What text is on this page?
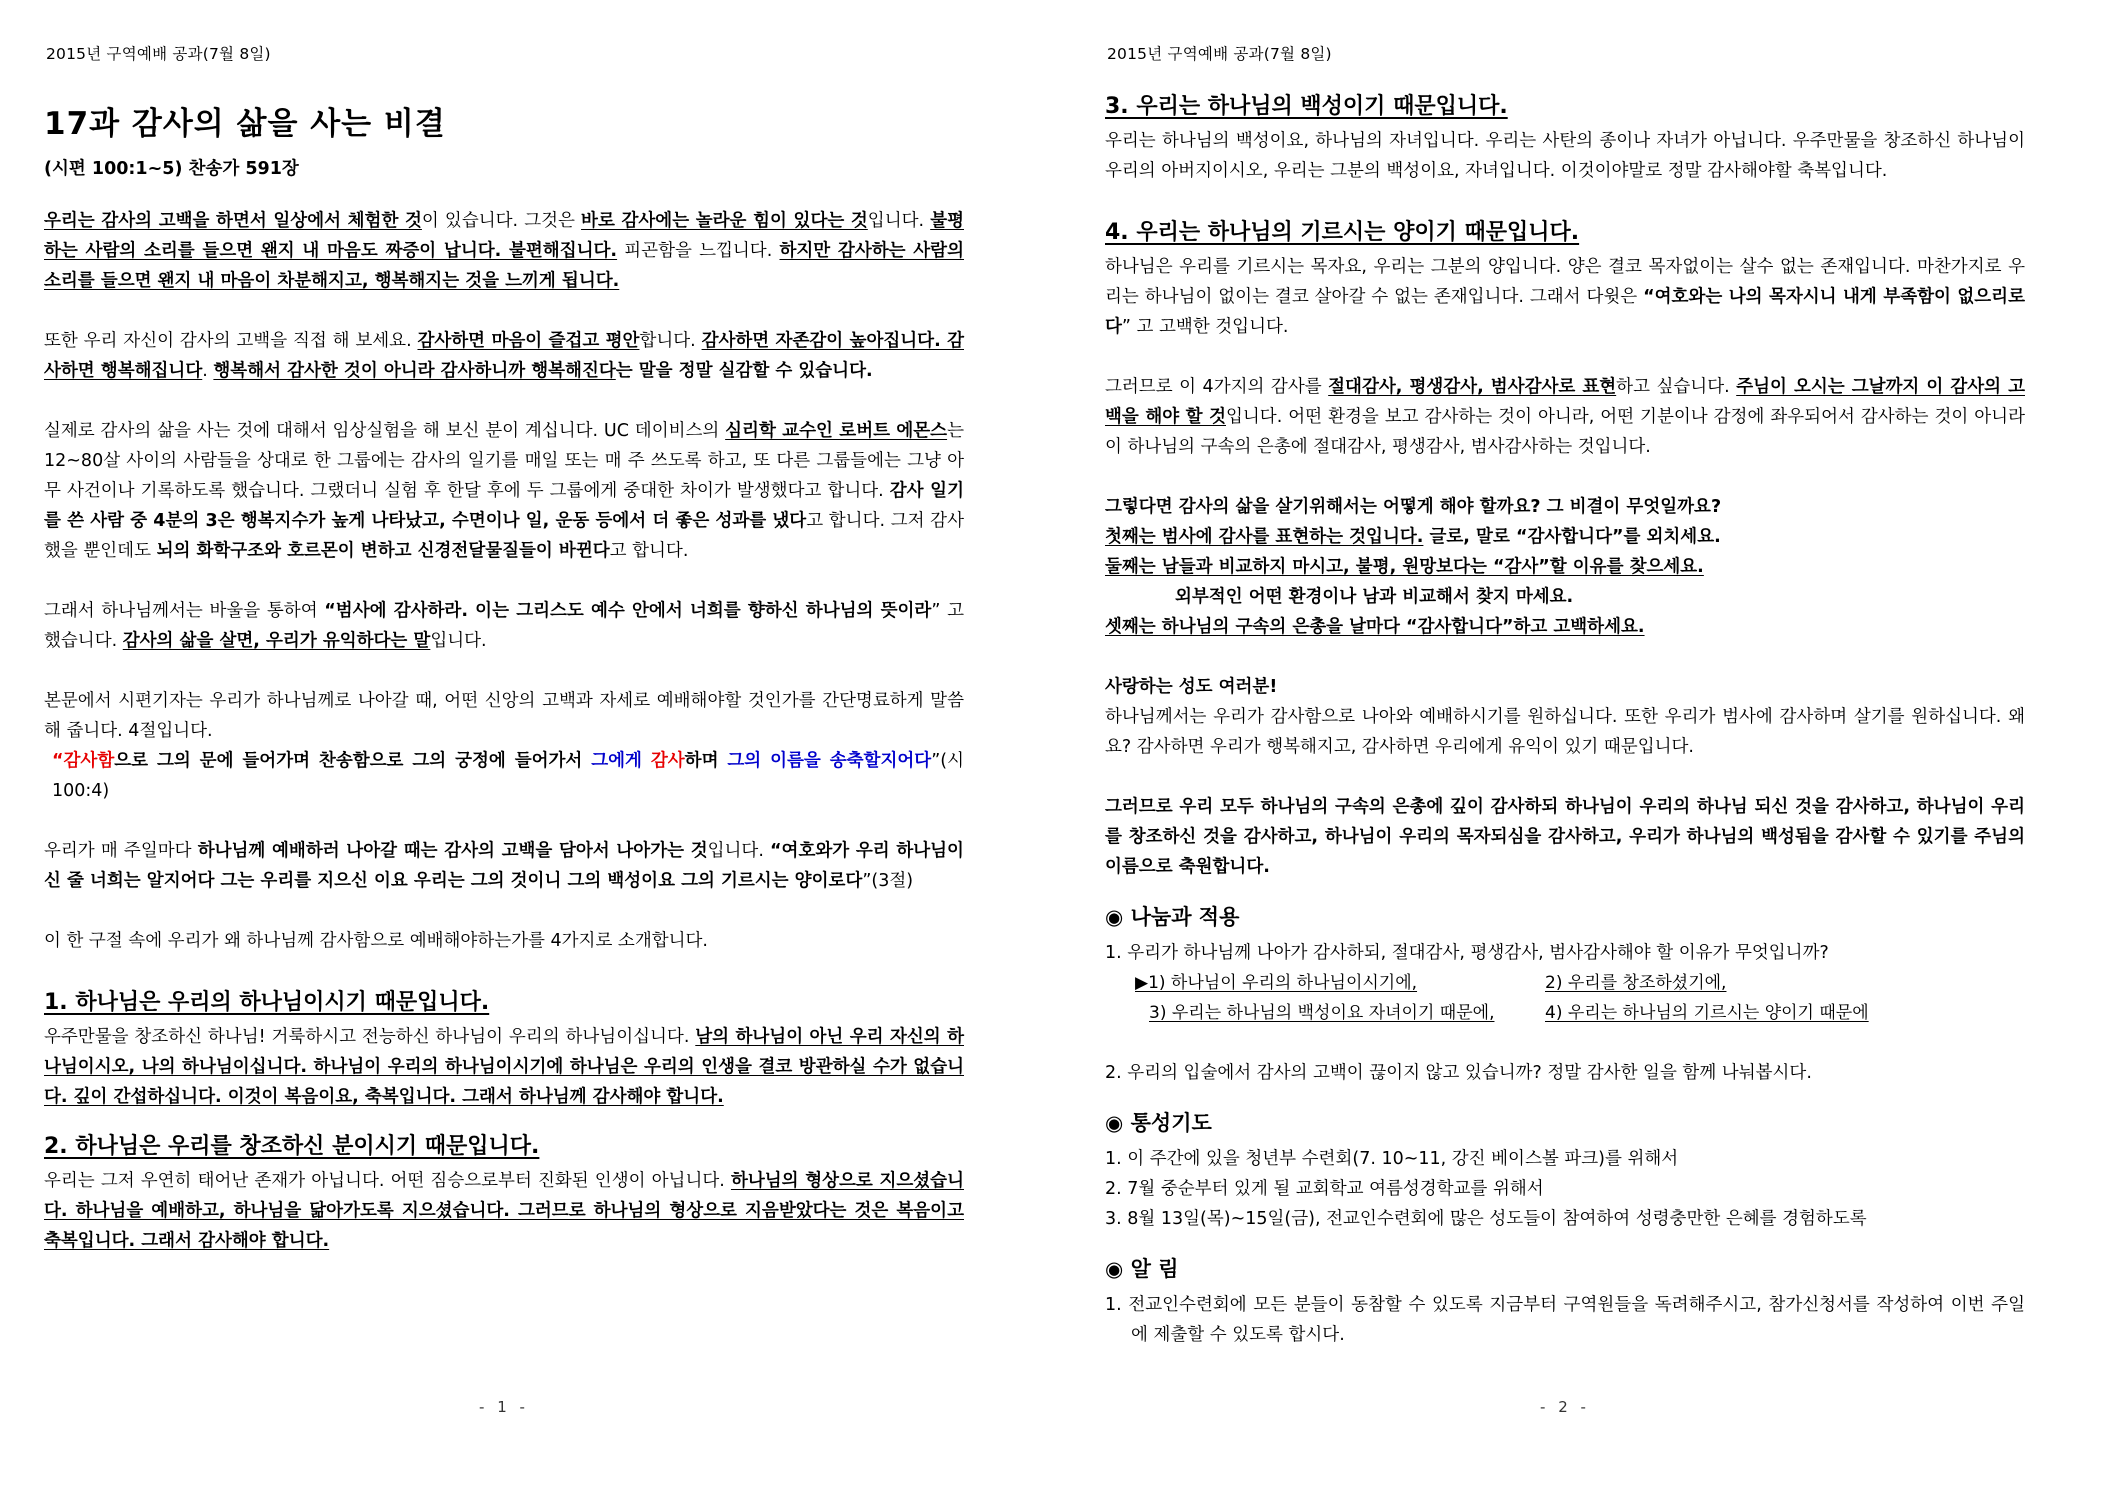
2015년 구역예배 공과(7월 8일)
17과 감사의 삶을 사는 비결
(시편 100:1~5) 찬송가 591장

우리는 감사의 고백을 하면서 일상에서 체험한 것이 있습니다. 그것은 바로 감사에는 놀라운 힘이 있다는 것입니다. 불평하는 사람의 소리를 들으면 왠지 내 마음도 짜증이 납니다. 불편해집니다. 피곤함을 느낍니다. 하지만 감사하는 사람의 소리를 들으면 왠지 내 마음이 차분해지고, 행복해지는 것을 느끼게 됩니다.

또한 우리 자신이 감사의 고백을 직접 해 보세요. 감사하면 마음이 즐겁고 평안합니다. 감사하면 자존감이 높아집니다. 감사하면 행복해집니다. 행복해서 감사한 것이 아니라 감사하니까 행복해진다는 말을 정말 실감할 수 있습니다.

실제로 감사의 삶을 사는 것에 대해서 임상실험을 해 보신 분이 계십니다. UC 데이비스의 심리학 교수인 로버트 에몬스는 12~80살 사이의 사람들을 상대로 한 그룹에는 감사의 일기를 매일 또는 매 주 쓰도록 하고, 또 다른 그룹들에는 그냥 아무 사건이나 기록하도록 했습니다. 그랬더니 실험 후 한달 후에 두 그룹에게 중대한 차이가 발생했다고 합니다. 감사 일기를 쓴 사람 중 4분의 3은 행복지수가 높게 나타났고, 수면이나 일, 운동 등에서 더 좋은 성과를 냈다고 합니다. 그저 감사했을 뿐인데도 뇌의 화학구조와 호르몬이 변하고 신경전달물질들이 바뀐다고 합니다.

그래서 하나님께서는 바울을 통하여 “범사에 감사하라. 이는 그리스도 예수 안에서 너희를 향하신 하나님의 뜻이라” 고 했습니다. 감사의 삶을 살면, 우리가 유익하다는 말입니다.

본문에서 시편기자는 우리가 하나님께로 나아갈 때, 어떤 신앙의 고백과 자세로 예배해야할 것인가를 간단명료하게 말씀해 줍니다. 4절입니다.

“감사함으로 그의 문에 들어가며 찬송함으로 그의 궁정에 들어가서 그에게 감사하며 그의 이름을 송축할지어다”(시100:4)

우리가 매 주일마다 하나님께 예배하러 나아갈 때는 감사의 고백을 담아서 나아가는 것입니다. “여호와가 우리 하나님이신 줄 너희는 알지어다 그는 우리를 지으신 이요 우리는 그의 것이니 그의 백성이요 그의 기르시는 양이로다”(3절)

이 한 구절 속에 우리가 왜 하나님께 감사함으로 예배해야하는가를 4가지로 소개합니다.

1. 하나님은 우리의 하나님이시기 때문입니다.

우주만물을 창조하신 하나님! 거룩하시고 전능하신 하나님이 우리의 하나님이십니다. 남의 하나님이 아닌 우리 자신의 하나님이시오, 나의 하나님이십니다. 하나님이 우리의 하나님이시기에 하나님은 우리의 인생을 결코 방관하실 수가 없습니다. 깊이 간섭하십니다. 이것이 복음이요, 축복입니다. 그래서 하나님께 감사해야 합니다.

2. 하나님은 우리를 창조하신 분이시기 때문입니다.

우리는 그저 우연히 태어난 존재가 아닙니다. 어떤 짐승으로부터 진화된 인생이 아닙니다. 하나님의 형상으로 지으셨습니다. 하나님을 예배하고, 하나님을 닮아가도록 지으셨습니다. 그러므로 하나님의 형상으로 지음받았다는 것은 복음이고 축복입니다. 그래서 감사해야 합니다.

- 1 -
2015년 구역예배 공과(7월 8일)
3. 우리는 하나님의 백성이기 때문입니다.

우리는 하나님의 백성이요, 하나님의 자녀입니다. 우리는 사탄의 종이나 자녀가 아닙니다. 우주만물을 창조하신 하나님이 우리의 아버지이시오, 우리는 그분의 백성이요, 자녀입니다. 이것이야말로 정말 감사해야할 축복입니다.

4. 우리는 하나님의 기르시는 양이기 때문입니다.

하나님은 우리를 기르시는 목자요, 우리는 그분의 양입니다. 양은 결코 목자없이는 살수 없는 존재입니다. 마찬가지로 우리는 하나님이 없이는 결코 살아갈 수 없는 존재입니다. 그래서 다윗은 “여호와는 나의 목자시니 내게 부족함이 없으리로다” 고 고백한 것입니다.

그러므로 이 4가지의 감사를 절대감사, 평생감사, 범사감사로 표현하고 싶습니다. 주님이 오시는 그날까지 이 감사의 고백을 해야 할 것입니다. 어떤 환경을 보고 감사하는 것이 아니라, 어떤 기분이나 감정에 좌우되어서 감사하는 것이 아니라 이 하나님의 구속의 은총에 절대감사, 평생감사, 범사감사하는 것입니다.

그렇다면 감사의 삶을 살기위해서는 어떻게 해야 할까요? 그 비결이 무엇일까요?

첫째는 범사에 감사를 표현하는 것입니다. 글로, 말로 “감사합니다”를 외치세요.

둘째는 남들과 비교하지 마시고, 불평, 원망보다는 “감사”할 이유를 찾으세요.

외부적인 어떤 환경이나 남과 비교해서 찾지 마세요.

셋째는 하나님의 구속의 은총을 날마다 “감사합니다”하고 고백하세요.

사랑하는 성도 여러분!

하나님께서는 우리가 감사함으로 나아와 예배하시기를 원하십니다. 또한 우리가 범사에 감사하며 살기를 원하십니다. 왜요? 감사하면 우리가 행복해지고, 감사하면 우리에게 유익이 있기 때문입니다.

그러므로 우리 모두 하나님의 구속의 은총에 깊이 감사하되 하나님이 우리의 하나님 되신 것을 감사하고, 하나님이 우리를 창조하신 것을 감사하고, 하나님이 우리의 목자되심을 감사하고, 우리가 하나님의 백성됨을 감사할 수 있기를 주님의 이름으로 축원합니다.

◉ 나눔과 적용

1. 우리가 하나님께 나아가 감사하되, 절대감사, 평생감사, 범사감사해야 할 이유가 무엇입니까?

▶1) 하나님이 우리의 하나님이시기에,	2) 우리를 창조하셨기에,
3) 우리는 하나님의 백성이요 자녀이기 때문에,	4) 우리는 하나님의 기르시는 양이기 때문에

2. 우리의 입술에서 감사의 고백이 끊이지 않고 있습니까? 정말 감사한 일을 함께 나눠봅시다.

◉ 통성기도
1. 이 주간에 있을 청년부 수련회(7. 10~11, 강진 베이스볼 파크)를 위해서
2. 7월 중순부터 있게 될 교회학교 여름성경학교를 위해서
3. 8월 13일(목)~15일(금), 전교인수련회에 많은 성도들이 참여하여 성령충만한 은혜를 경험하도록
◉ 알 림

1. 전교인수련회에 모든 분들이 동참할 수 있도록 지금부터 구역원들을 독려해주시고, 참가신청서를 작성하여 이번 주일에 제출할 수 있도록 합시다.

- 2 -
